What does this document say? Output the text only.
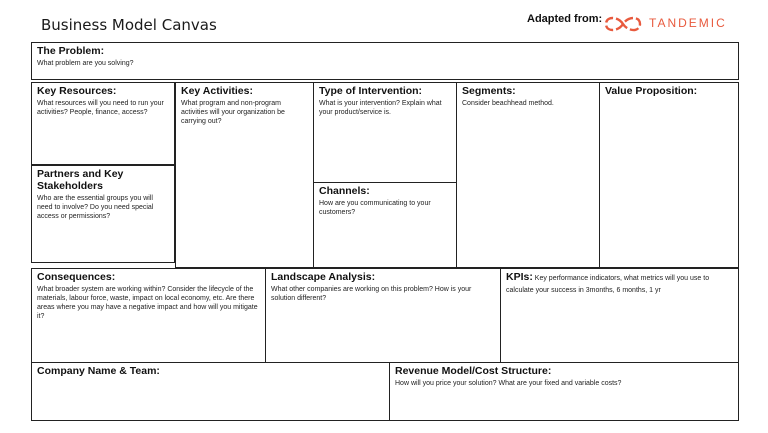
Business Model Canvas	Adapted from:	TANDEMIC
The Problem:
What problem are you solving?
Key Resources:
What resources will you need to run your activities? People, finance, access?
Partners and Key Stakeholders
Who are the essential groups you will need to involve? Do you need special access or permissions?
Key Activities:
What program and non-program activities will your organization be carrying out?
Type of Intervention:
What is your intervention? Explain what your product/service is.
Channels:
How are you communicating to your customers?
Segments:
Consider beachhead method.
Value Proposition:
Consequences:
What broader system are working within? Consider the lifecycle of the materials, labour force, waste, impact on local economy, etc. Are there areas where you may have a negative impact and how will you mitigate it?
Landscape Analysis:
What other companies are working on this problem? How is your solution different?
KPIs: Key performance indicators, what metrics will you use to calculate your success in 3months, 6 months, 1 yr
Company Name & Team:	Revenue Model/Cost Structure:
How will you price your solution? What are your fixed and variable costs?
